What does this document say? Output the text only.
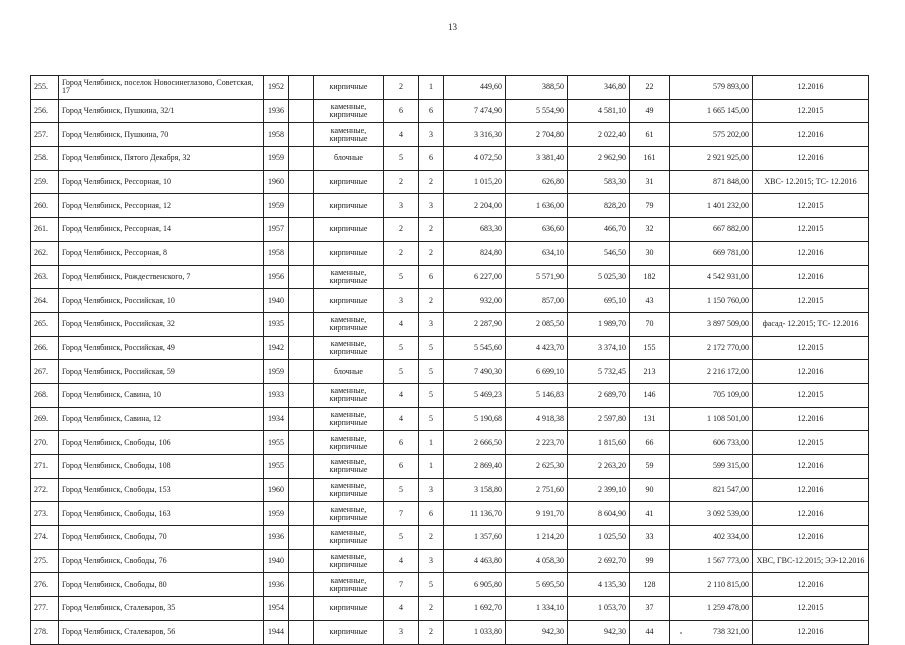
13
255.	Город Челябинск, поселок Новосинеглазово, Советская, 17	1952		кирпичные	2	1	449,60	388,50	346,80	22	579 893,00	12.2016
256.	Город Челябинск, Пушкина, 32/1	1936		каменные, кирпичные	6	6	7 474,90	5 554,90	4 581,10	49	1 665 145,00	12.2015
257.	Город Челябинск, Пушкина, 70	1958		каменные, кирпичные	4	3	3 316,30	2 704,80	2 022,40	61	575 202,00	12.2016
258.	Город Челябинск, Пятого Декабря, 32	1959		блочные	5	6	4 072,50	3 381,40	2 962,90	161	2 921 925,00	12.2016
259.	Город Челябинск, Рессорная, 10	1960		кирпичные	2	2	1 015,20	626,80	583,30	31	871 848,00	ХВС- 12.2015; ТС- 12.2016
260.	Город Челябинск, Рессорная, 12	1959		кирпичные	3	3	2 204,00	1 636,00	828,20	79	1 401 232,00	12.2015
261.	Город Челябинск, Рессорная, 14	1957		кирпичные	2	2	683,30	636,60	466,70	32	667 882,00	12.2015
262.	Город Челябинск, Рессорная, 8	1958		кирпичные	2	2	824,80	634,10	546,50	30	669 781,00	12.2016
263.	Город Челябинск, Рождественского, 7	1956		каменные, кирпичные	5	6	6 227,00	5 571,90	5 025,30	182	4 542 931,00	12.2016
264.	Город Челябинск, Российская, 10	1940		кирпичные	3	2	932,00	857,00	695,10	43	1 150 760,00	12.2015
265.	Город Челябинск, Российская, 32	1935		каменные, кирпичные	4	3	2 287,90	2 085,50	1 989,70	70	3 897 509,00	фасад- 12.2015; ТС- 12.2016
266.	Город Челябинск, Российская, 49	1942		каменные, кирпичные	5	5	5 545,60	4 423,70	3 374,10	155	2 172 770,00	12.2015
267.	Город Челябинск, Российская, 59	1959		блочные	5	5	7 490,30	6 699,10	5 732,45	213	2 216 172,00	12.2016
268.	Город Челябинск, Савина, 10	1933		каменные, кирпичные	4	5	5 469,23	5 146,83	2 689,70	146	705 109,00	12.2015
269.	Город Челябинск, Савина, 12	1934		каменные, кирпичные	4	5	5 190,68	4 918,38	2 597,80	131	1 108 501,00	12.2016
270.	Город Челябинск, Свободы, 106	1955		каменные, кирпичные	6	1	2 666,50	2 223,70	1 815,60	66	606 733,00	12.2015
271.	Город Челябинск, Свободы, 108	1955		каменные, кирпичные	6	1	2 869,40	2 625,30	2 263,20	59	599 315,00	12.2016
272.	Город Челябинск, Свободы, 153	1960		каменные, кирпичные	5	3	3 158,80	2 751,60	2 399,10	90	821 547,00	12.2016
273.	Город Челябинск, Свободы, 163	1959		каменные, кирпичные	7	6	11 136,70	9 191,70	8 604,90	41	3 092 539,00	12.2016
274.	Город Челябинск, Свободы, 70	1936		каменные, кирпичные	5	2	1 357,60	1 214,20	1 025,50	33	402 334,00	12.2016
275.	Город Челябинск, Свободы, 76	1940		каменные, кирпичные	4	3	4 463,80	4 058,30	2 692,70	99	1 567 773,00	ХВС, ГВС-12.2015; ЭЭ-12.2016
276.	Город Челябинск, Свободы, 80	1936		каменные, кирпичные	7	5	6 905,80	5 695,50	4 135,30	128	2 110 815,00	12.2016
277.	Город Челябинск, Сталеваров, 35	1954		кирпичные	4	2	1 692,70	1 334,10	1 053,70	37	1 259 478,00	12.2015
278.	Город Челябинск, Сталеваров, 56	1944		кирпичные	3	2	1 033,80	942,30	942,30	44	738 321,00	12.2016
